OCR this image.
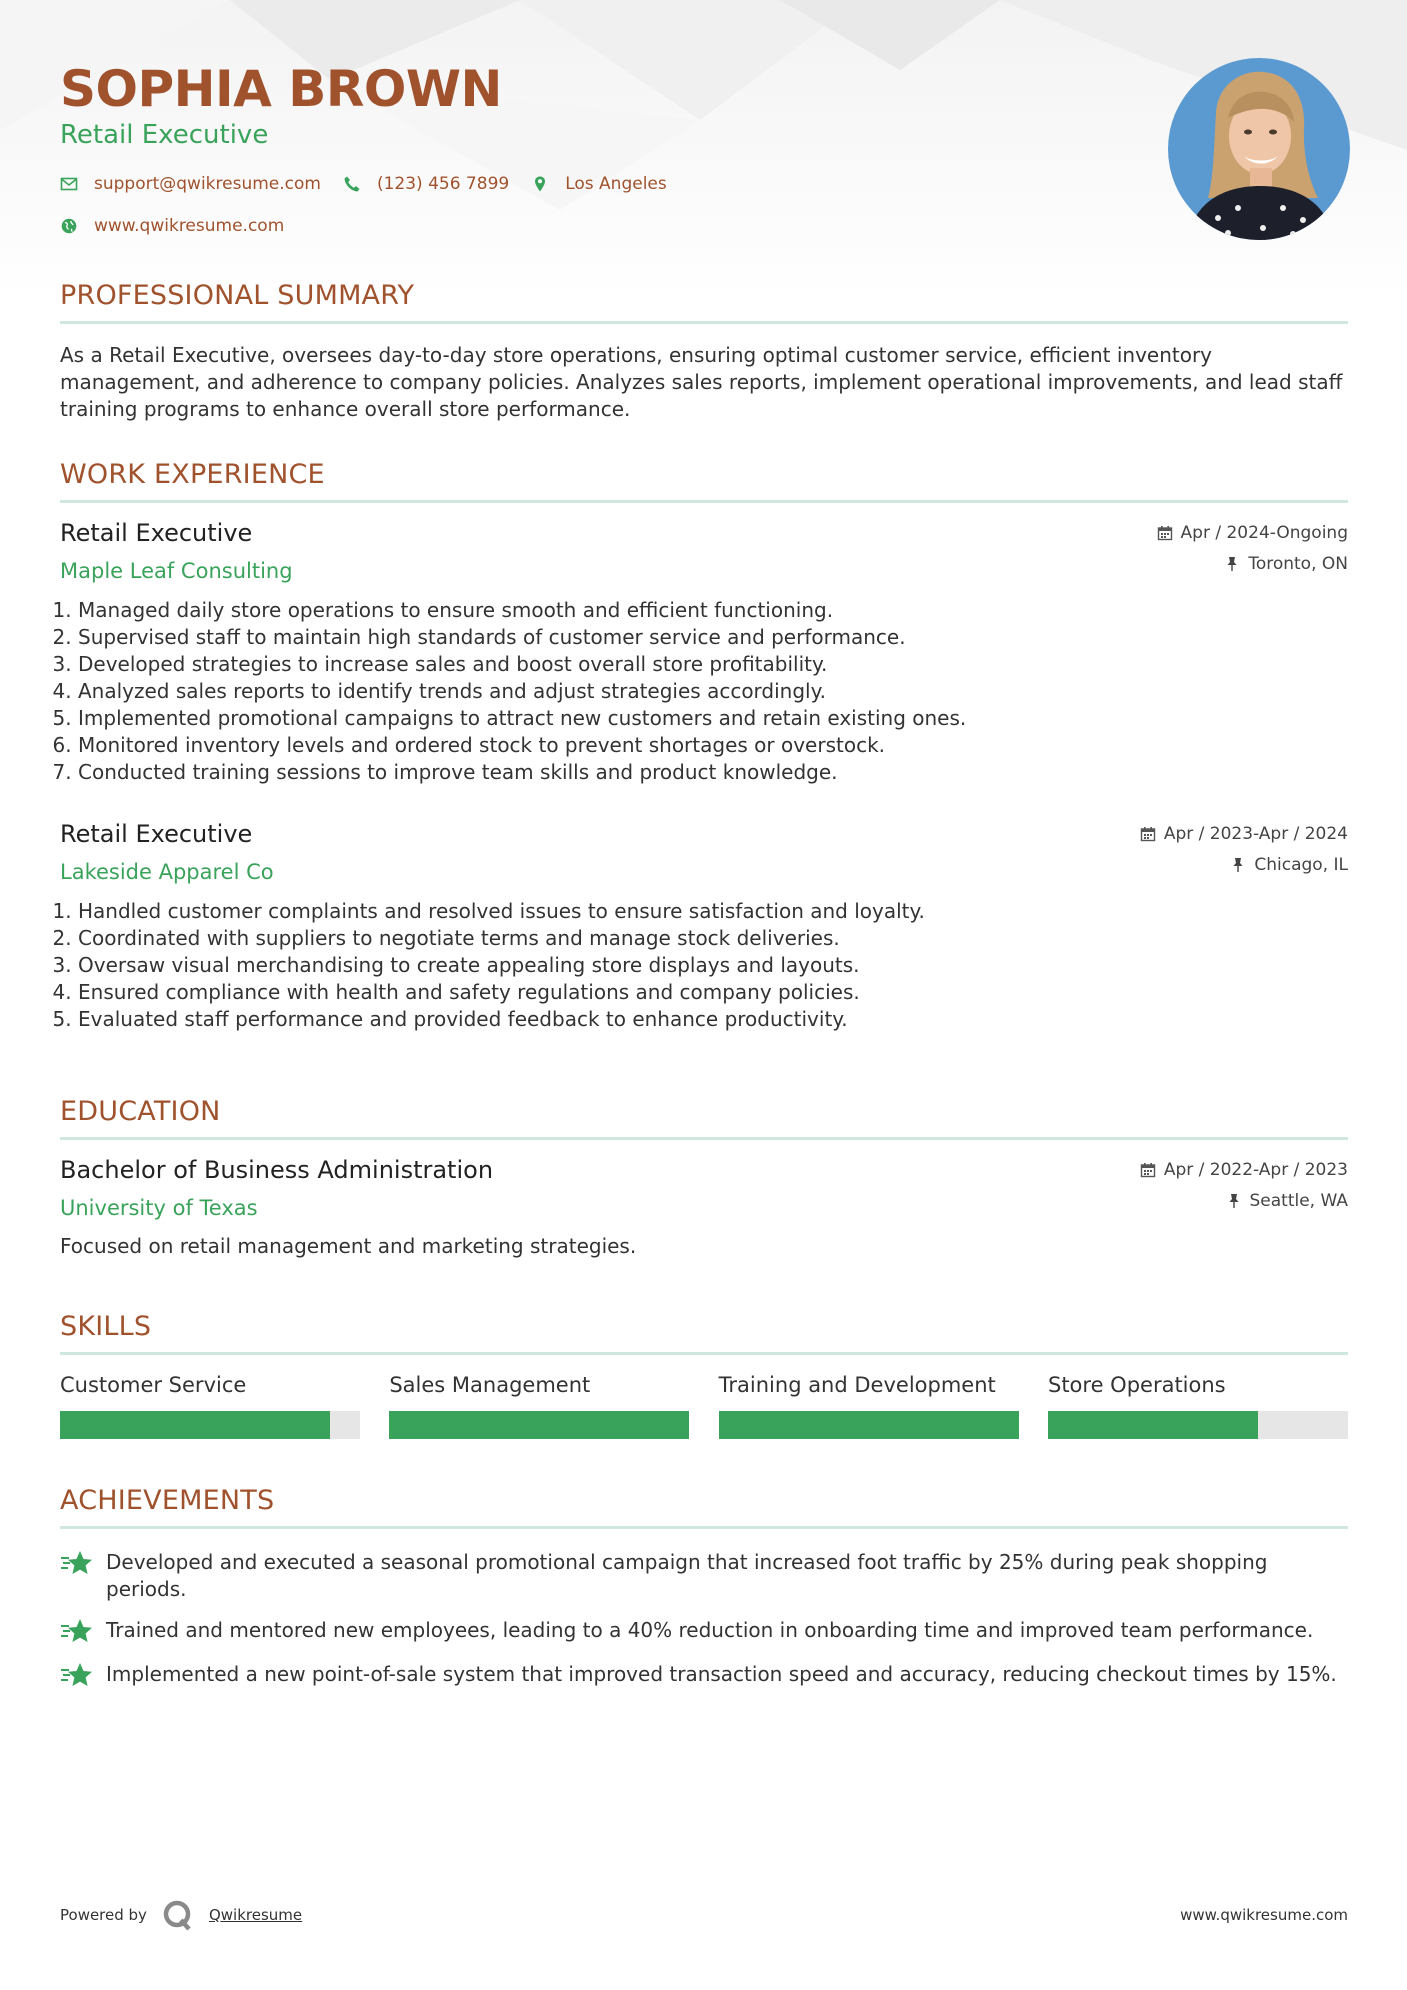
SOPHIA BROWN
Retail Executive
support@qwikresume.com	(123) 456 7899	Los Angeles
www.qwikresume.com
PROFESSIONAL SUMMARY
As a Retail Executive, oversees day-to-day store operations, ensuring optimal customer service, efficient inventory management, and adherence to company policies. Analyzes sales reports, implement operational improvements, and lead staff training programs to enhance overall store performance.
WORK EXPERIENCE
Retail Executive
Maple Leaf Consulting
Apr / 2024-Ongoing
Toronto, ON
1. Managed daily store operations to ensure smooth and efficient functioning.
2. Supervised staff to maintain high standards of customer service and performance.
3. Developed strategies to increase sales and boost overall store profitability.
4. Analyzed sales reports to identify trends and adjust strategies accordingly.
5. Implemented promotional campaigns to attract new customers and retain existing ones.
6. Monitored inventory levels and ordered stock to prevent shortages or overstock.
7. Conducted training sessions to improve team skills and product knowledge.
Retail Executive
Lakeside Apparel Co
Apr / 2023-Apr / 2024
Chicago, IL
1. Handled customer complaints and resolved issues to ensure satisfaction and loyalty.
2. Coordinated with suppliers to negotiate terms and manage stock deliveries.
3. Oversaw visual merchandising to create appealing store displays and layouts.
4. Ensured compliance with health and safety regulations and company policies.
5. Evaluated staff performance and provided feedback to enhance productivity.
EDUCATION
Bachelor of Business Administration
University of Texas
Apr / 2022-Apr / 2023
Seattle, WA
Focused on retail management and marketing strategies.
SKILLS
Customer Service	Sales Management	Training and Development	Store Operations
ACHIEVEMENTS
Developed and executed a seasonal promotional campaign that increased foot traffic by 25% during peak shopping periods.
Trained and mentored new employees, leading to a 40% reduction in onboarding time and improved team performance.
Implemented a new point-of-sale system that improved transaction speed and accuracy, reducing checkout times by 15%.
Powered by	Qwikresume	www.qwikresume.com
